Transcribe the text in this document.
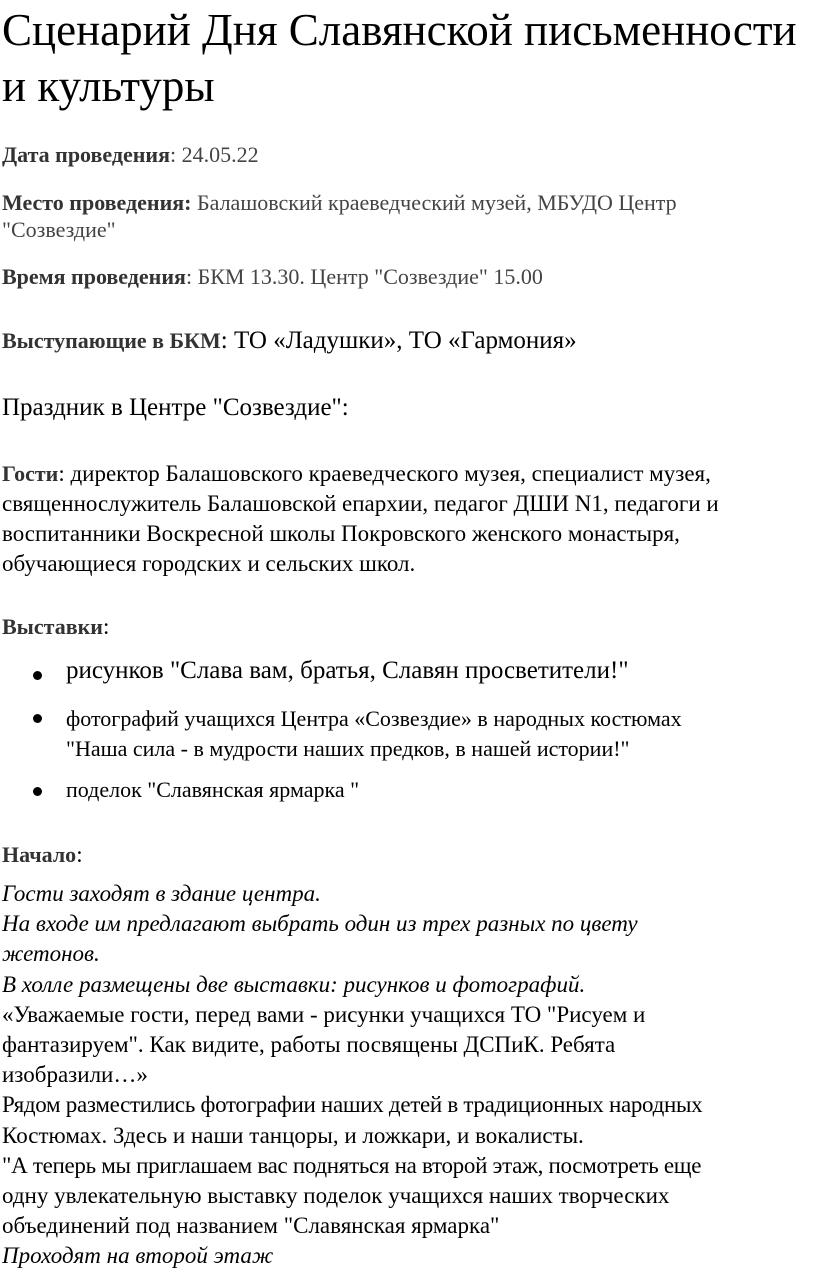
Сценарий Дня Славянской письменности и культуры

Дата проведения: 24.05.22

Место проведения: Балашовский краеведческий музей, МБУДО Центр

"Созвездие"

Время проведения: БКМ 13.30. Центр "Созвездие" 15.00

Выступающие в БКМ: ТО «Ладушки», ТО «Гармония»

Праздник в Центре "Созвездие":

Гости: директор Балашовского краеведческого музея, специалист музея,
священнослужитель Балашовской епархии, педагог ДШИ N1, педагоги и
воспитанники Воскресной школы Покровского женского монастыря,
обучающиеся городских и сельских школ.

Выставки:

рисунков "Слава вам, братья, Славян просветители!"
фотографий учащихся Центра «Созвездие» в народных костюмах
"Наша сила - в мудрости наших предков, в нашей истории!"
поделок "Славянская ярмарка "

Начало:

Гости заходят в здание центра.
На входе им предлагают выбрать один из трех разных по цвету
жетонов.
В холле размещены две выставки: рисунков и фотографий.
«Уважаемые гости, перед вами - рисунки учащихся ТО "Рисуем и
фантазируем". Как видите, работы посвящены ДСПиК. Ребята
изобразили…»
Рядом разместились фотографии наших детей в традиционных народных
Костюмах. Здесь и наши танцоры, и ложкари, и вокалисты.
"А теперь мы приглашаем вас подняться на второй этаж, посмотреть еще
одну увлекательную выставку поделок учащихся наших творческих
объединений под названием "Славянская ярмарка"
Проходят на второй этаж
